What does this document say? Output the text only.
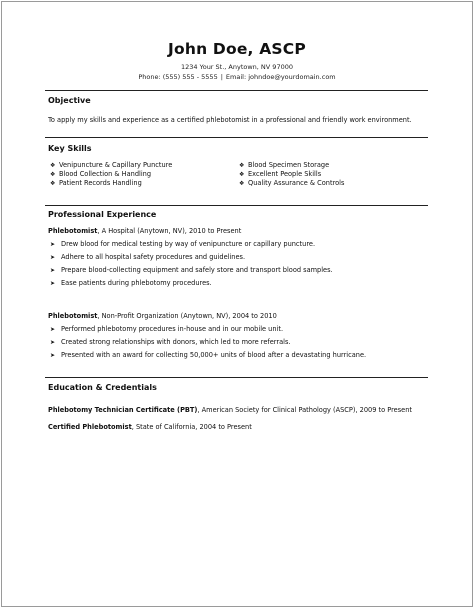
John Doe, ASCP
1234 Your St., Anytown, NV 97000
Phone: (555) 555 - 5555 | Email: johndoe@yourdomain.com
Objective
To apply my skills and experience as a certified phlebotomist in a professional and friendly work environment.
Key Skills
❖ Venipuncture & Capillary Puncture
❖ Blood Collection & Handling
❖ Patient Records Handling
❖ Blood Specimen Storage
❖ Excellent People Skills
❖ Quality Assurance & Controls
Professional Experience
Phlebotomist, A Hospital (Anytown, NV), 2010 to Present
➤ Drew blood for medical testing by way of venipuncture or capillary puncture.
➤ Adhere to all hospital safety procedures and guidelines.
➤ Prepare blood-collecting equipment and safely store and transport blood samples.
➤ Ease patients during phlebotomy procedures.
Phlebotomist, Non-Profit Organization (Anytown, NV), 2004 to 2010
➤ Performed phlebotomy procedures in-house and in our mobile unit.
➤ Created strong relationships with donors, which led to more referrals.
➤ Presented with an award for collecting 50,000+ units of blood after a devastating hurricane.
Education & Credentials
Phlebotomy Technician Certificate (PBT), American Society for Clinical Pathology (ASCP), 2009 to Present
Certified Phlebotomist, State of California, 2004 to Present
